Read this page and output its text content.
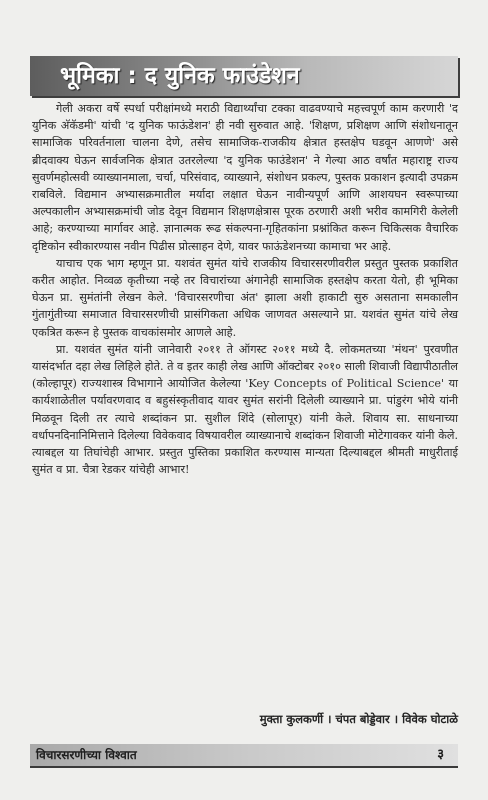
भूमिका : द युनिक फाउंडेशन

गेली अकरा वर्षे स्पर्धा परीक्षांमध्ये मराठी विद्यार्थ्यांचा टक्का वाढवण्याचे महत्त्वपूर्ण काम करणारी 'द युनिक अ‍ॅकॅडमी' यांची 'द युनिक फाऊंडेशन' ही नवी सुरुवात आहे. 'शिक्षण, प्रशिक्षण आणि संशोधनातून सामाजिक परिवर्तनाला चालना देणे, तसेच सामाजिक-राजकीय क्षेत्रात हस्तक्षेप घडवून आणणे' असे ब्रीदवाक्य घेऊन सार्वजनिक क्षेत्रात उतरलेल्या 'द युनिक फाउंडेशन' ने गेल्या आठ वर्षांत महाराष्ट्र राज्य सुवर्णमहोत्सवी व्याख्यानमाला, चर्चा, परिसंवाद, व्याख्याने, संशोधन प्रकल्प, पुस्तक प्रकाशन इत्यादी उपक्रम राबविले. विद्यमान अभ्यासक्रमातील मर्यादा लक्षात घेऊन नावीन्यपूर्ण आणि आशयघन स्वरूपाच्या अल्पकालीन अभ्यासक्रमांची जोड देवून विद्यमान शिक्षणक्षेत्रास पूरक ठरणारी अशी भरीव कामगिरी केलेली आहे; करण्याच्या मार्गावर आहे. ज्ञानात्मक रूढ संकल्पना-गृहितकांना प्रश्नांकित करून चिकित्सक वैचारिक दृष्टिकोन स्वीकारण्यास नवीन पिढीस प्रोत्साहन देणे, यावर फाऊंडेशनच्या कामाचा भर आहे.

याचाच एक भाग म्हणून प्रा. यशवंत सुमंत यांचे राजकीय विचारसरणीवरील प्रस्तुत पुस्तक प्रकाशित करीत आहोत. निव्वळ कृतीच्या नव्हे तर विचारांच्या अंगानेही सामाजिक हस्तक्षेप करता येतो, ही भूमिका घेऊन प्रा. सुमंतांनी लेखन केले. 'विचारसरणीचा अंत' झाला अशी हाकाटी सुरु असताना समकालीन गुंतागुंतीच्या समाजात विचारसरणीची प्रासंगिकता अधिक जाणवत असल्याने प्रा. यशवंत सुमंत यांचे लेख एकत्रित करून हे पुस्तक वाचकांसमोर आणले आहे.

प्रा. यशवंत सुमंत यांनी जानेवारी २०११ ते ऑगस्ट २०११ मध्ये दै. लोकमतच्या 'मंथन' पुरवणीत यासंदर्भात दहा लेख लिहिले होते. ते व इतर काही लेख आणि ऑक्टोबर २०१० साली शिवाजी विद्यापीठातील (कोल्हापूर) राज्यशास्त्र विभागाने आयोजित केलेल्या 'Key Concepts of Political Science' या कार्यशाळेतील पर्यावरणवाद व बहुसंस्कृतीवाद यावर सुमंत सरांनी दिलेली व्याख्याने प्रा. पांडुरंग भोये यांनी मिळवून दिली तर त्याचे शब्दांकन प्रा. सुशील शिंदे (सोलापूर) यांनी केले. शिवाय सा. साधनाच्या वर्धापनदिनानिमित्ताने दिलेल्या विवेकवाद विषयावरील व्याख्यानाचे शब्दांकन शिवाजी मोटेगावकर यांनी केले. त्याबद्दल या तिघांचेही आभार. प्रस्तुत पुस्तिका प्रकाशित करण्यास मान्यता दिल्याबद्दल श्रीमती माधुरीताई सुमंत व प्रा. चैत्रा रेडकर यांचेही आभार!

मुक्ता कुलकर्णी । चंपत बोड्डेवार । विवेक घोटाळे
विचारसरणीच्या विश्वात	३
